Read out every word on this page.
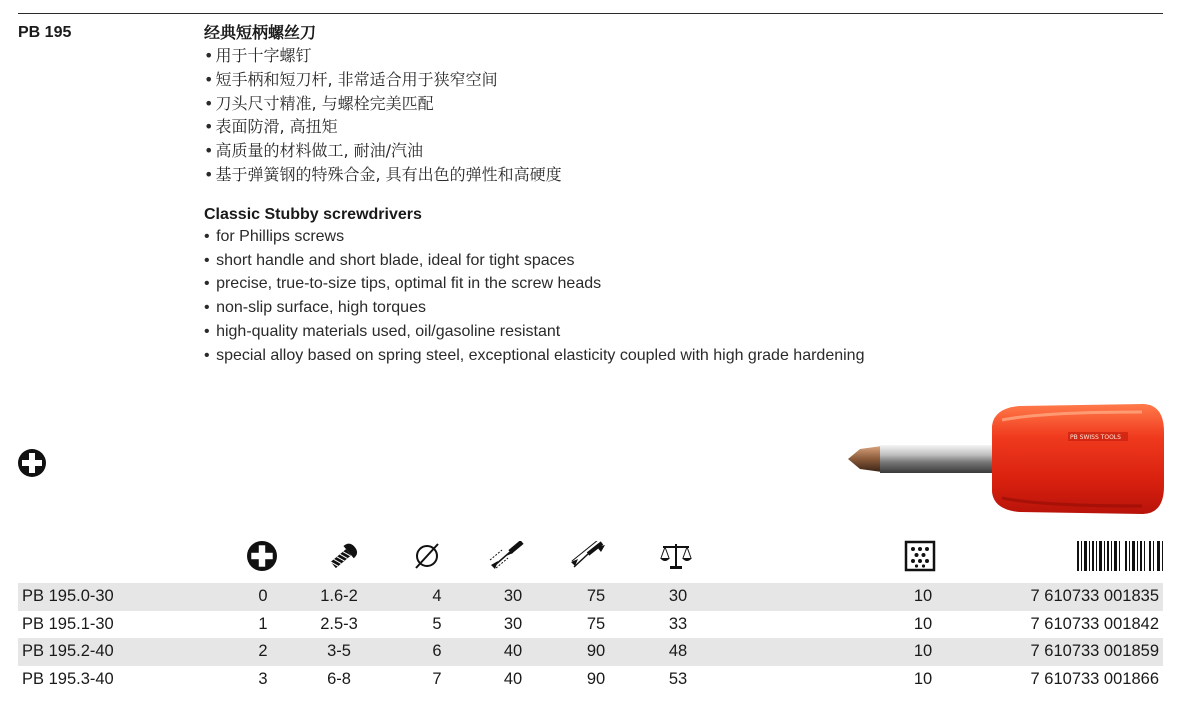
PB 195	经典短柄螺丝刀
• 用于十字螺钉
• 短手柄和短刀杆, 非常适合用于狭窄空间
• 刀头尺寸精准, 与螺栓完美匹配
• 表面防滑, 高扭矩
• 高质量的材料做工, 耐油/汽油
• 基于弹簧钢的特殊合金, 具有出色的弹性和高硬度
Classic Stubby screwdrivers
• for Phillips screws
• short handle and short blade, ideal for tight spaces
• precise, true-to-size tips, optimal fit in the screw heads
• non-slip surface, high torques
• high-quality materials used, oil/gasoline resistant
• special alloy based on spring steel, exceptional elasticity coupled with high grade hardening
PB SWISS TOOLS
PB 195.0-30	0	1.6-2	4	30	75	30	10	7 610733 001835
PB 195.1-30	1	2.5-3	5	30	75	33	10	7 610733 001842
PB 195.2-40	2	3-5	6	40	90	48	10	7 610733 001859
PB 195.3-40	3	6-8	7	40	90	53	10	7 610733 001866
